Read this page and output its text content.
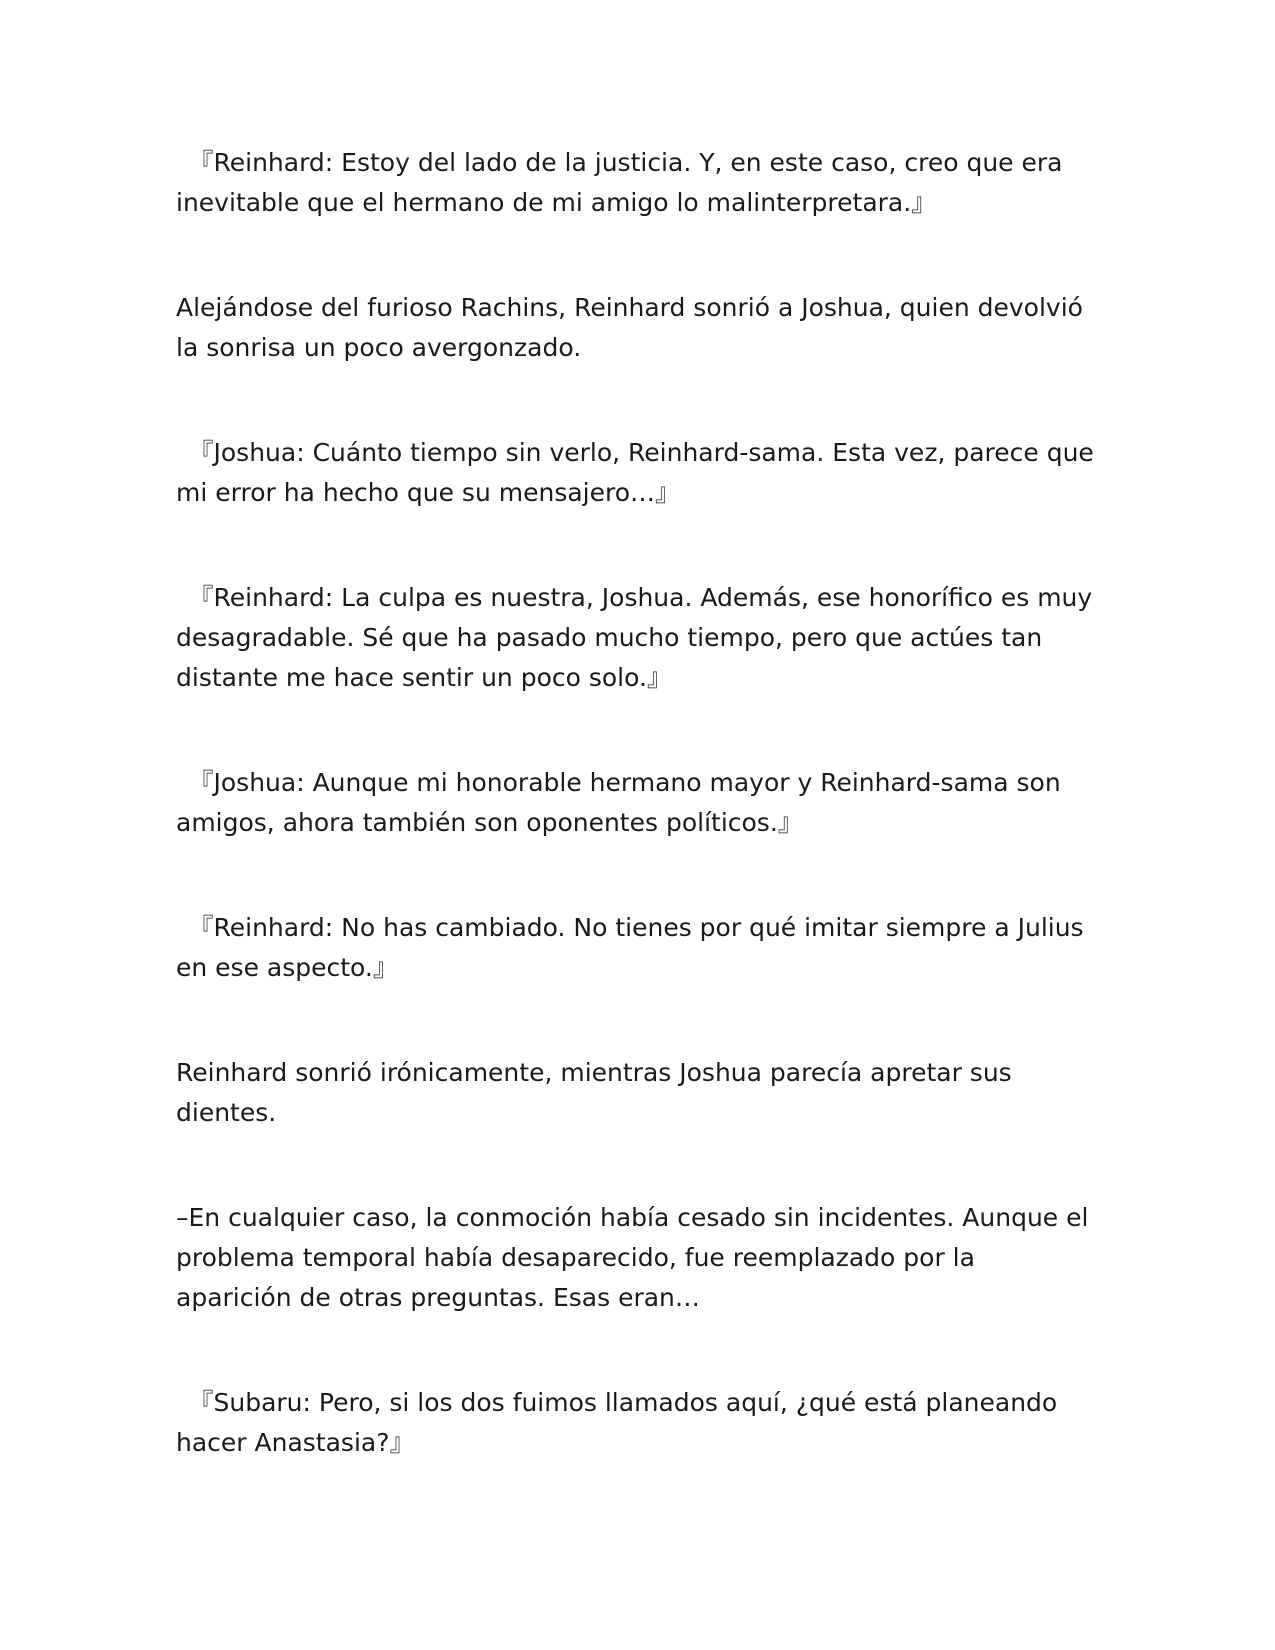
　『Reinhard: Estoy del lado de la justicia. Y, en este caso, creo que era inevitable que el hermano de mi amigo lo malinterpretara.』

Alejándose del furioso Rachins, Reinhard sonrió a Joshua, quien devolvió la sonrisa un poco avergonzado.

　『Joshua: Cuánto tiempo sin verlo, Reinhard-sama. Esta vez, parece que mi error ha hecho que su mensajero…』

　『Reinhard: La culpa es nuestra, Joshua. Además, ese honorífico es muy desagradable. Sé que ha pasado mucho tiempo, pero que actúes tan distante me hace sentir un poco solo.』

　『Joshua: Aunque mi honorable hermano mayor y Reinhard-sama son amigos, ahora también son oponentes políticos.』

　『Reinhard: No has cambiado. No tienes por qué imitar siempre a Julius en ese aspecto.』

Reinhard sonrió irónicamente, mientras Joshua parecía apretar sus dientes.

–En cualquier caso, la conmoción había cesado sin incidentes. Aunque el problema temporal había desaparecido, fue reemplazado por la aparición de otras preguntas. Esas eran…

　『Subaru: Pero, si los dos fuimos llamados aquí, ¿qué está planeando hacer Anastasia?』
